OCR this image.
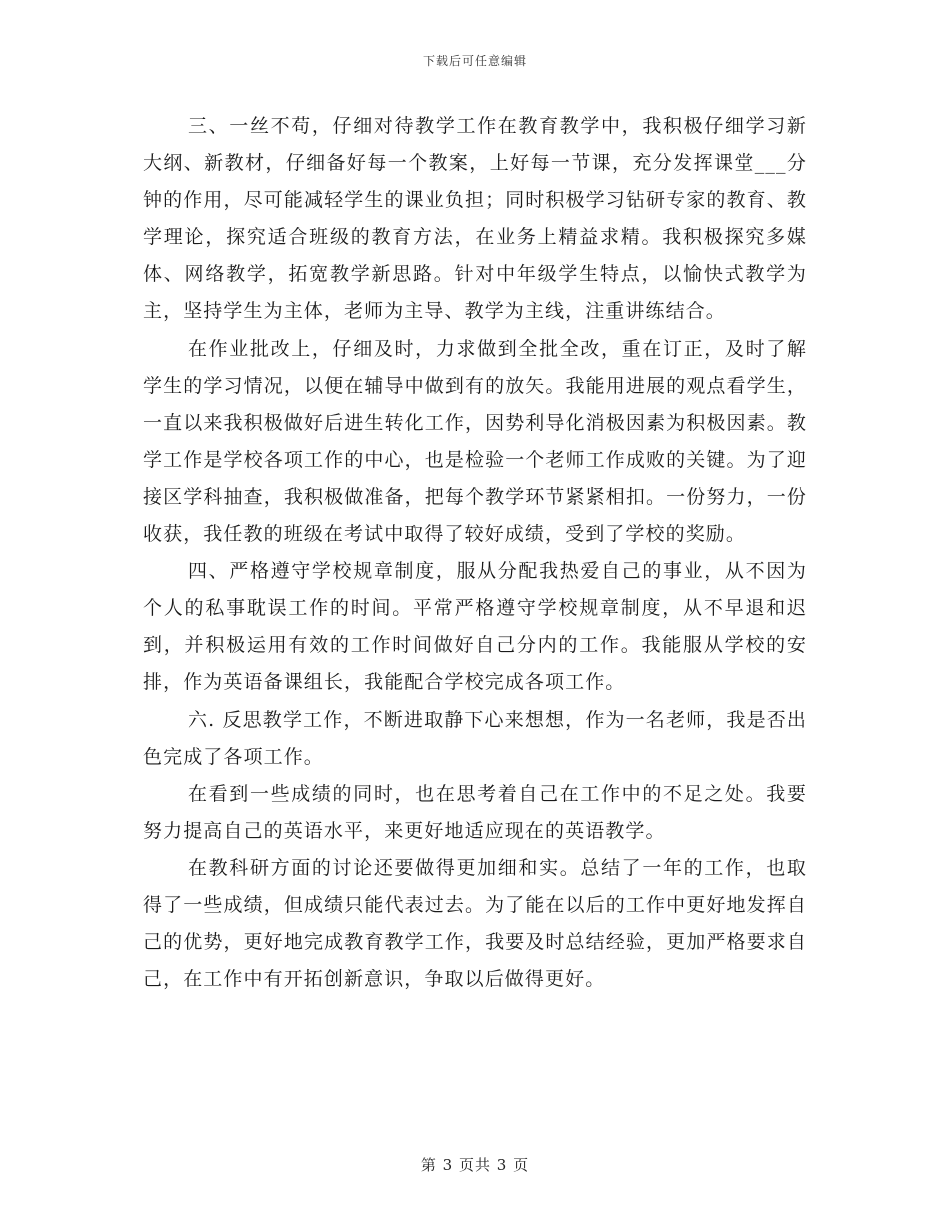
下载后可任意编辑

三、一丝不苟，仔细对待教学工作在教育教学中，我积极仔细学习新大纲、新教材，仔细备好每一个教案，上好每一节课，充分发挥课堂___分钟的作用，尽可能减轻学生的课业负担；同时积极学习钻研专家的教育、教学理论，探究适合班级的教育方法，在业务上精益求精。我积极探究多媒体、网络教学，拓宽教学新思路。针对中年级学生特点，以愉快式教学为主，坚持学生为主体，老师为主导、教学为主线，注重讲练结合。

在作业批改上，仔细及时，力求做到全批全改，重在订正，及时了解学生的学习情况，以便在辅导中做到有的放矢。我能用进展的观点看学生，一直以来我积极做好后进生转化工作，因势利导化消极因素为积极因素。教学工作是学校各项工作的中心，也是检验一个老师工作成败的关键。为了迎接区学科抽查，我积极做准备，把每个教学环节紧紧相扣。一份努力，一份收获，我任教的班级在考试中取得了较好成绩，受到了学校的奖励。

四、严格遵守学校规章制度，服从分配我热爱自己的事业，从不因为个人的私事耽误工作的时间。平常严格遵守学校规章制度，从不早退和迟到，并积极运用有效的工作时间做好自己分内的工作。我能服从学校的安排，作为英语备课组长，我能配合学校完成各项工作。

六. 反思教学工作，不断进取静下心来想想，作为一名老师，我是否出色完成了各项工作。

在看到一些成绩的同时，也在思考着自己在工作中的不足之处。我要努力提高自己的英语水平，来更好地适应现在的英语教学。

在教科研方面的讨论还要做得更加细和实。总结了一年的工作，也取得了一些成绩，但成绩只能代表过去。为了能在以后的工作中更好地发挥自己的优势，更好地完成教育教学工作，我要及时总结经验，更加严格要求自己，在工作中有开拓创新意识，争取以后做得更好。

第 3 页共 3 页
